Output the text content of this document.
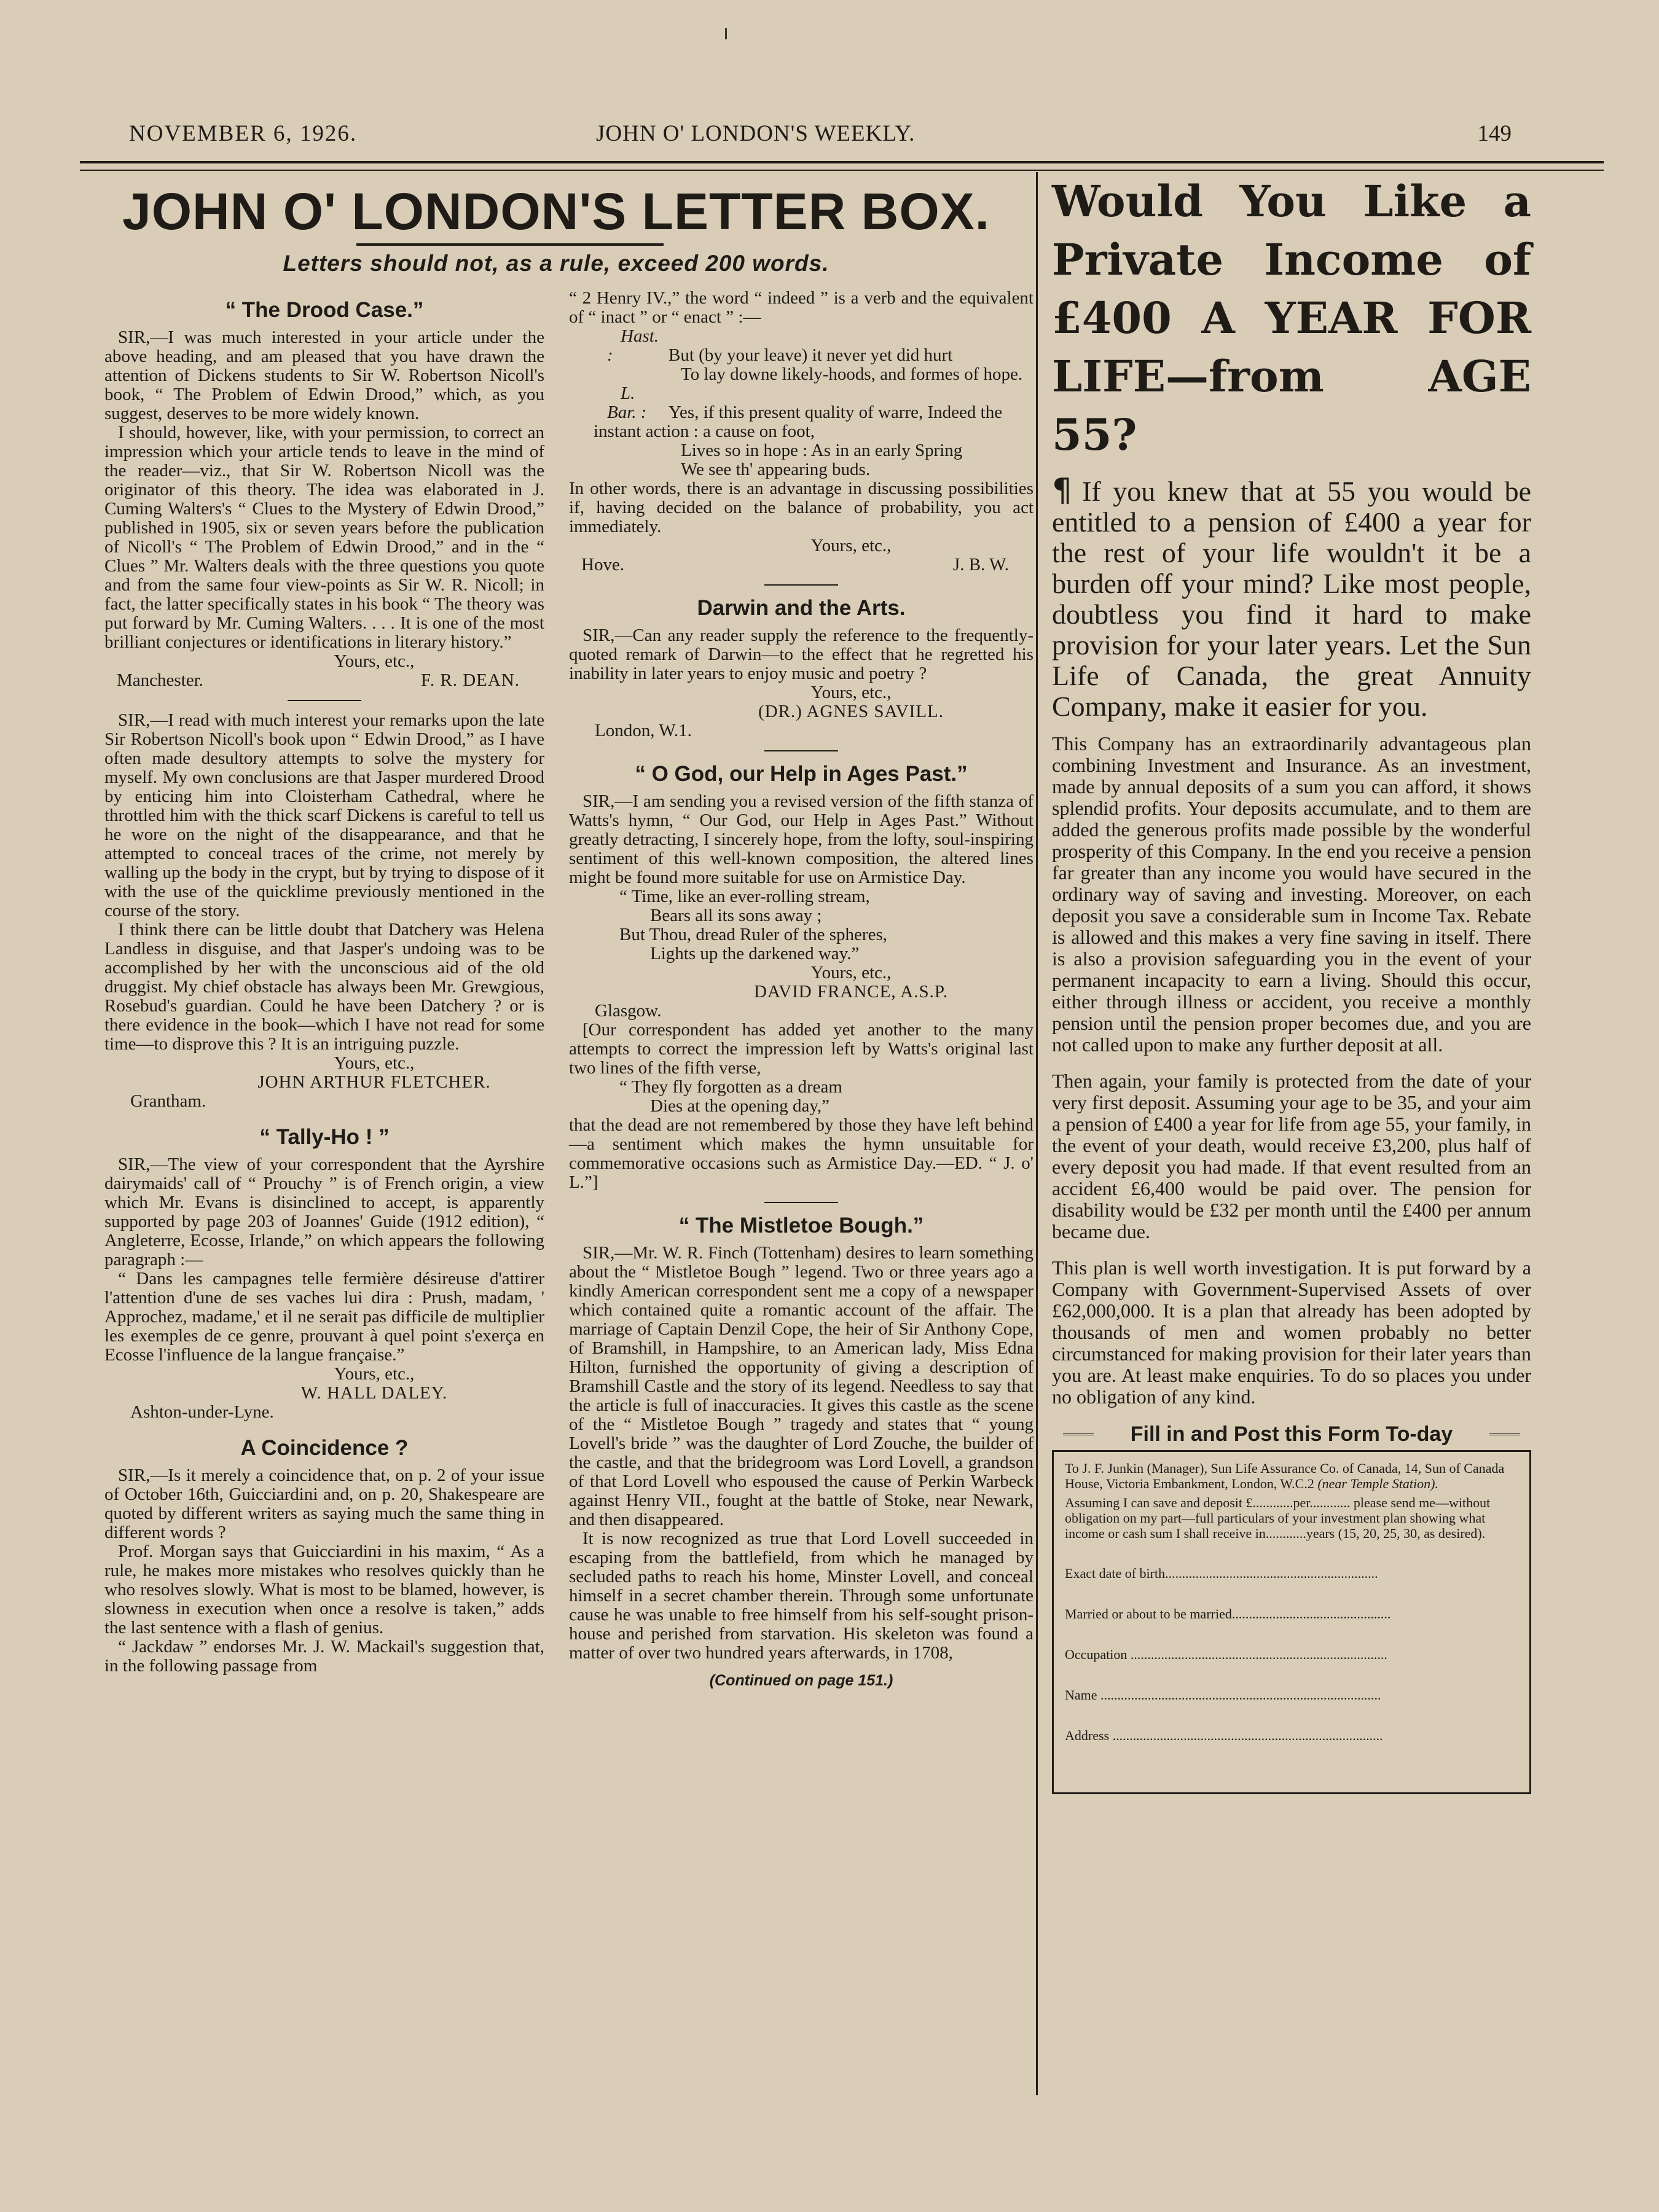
NOVEMBER 6, 1926.	JOHN O' LONDON'S WEEKLY.	149
JOHN O' LONDON'S LETTER BOX.
Letters should not, as a rule, exceed 200 words.
“ The Drood Case.”

SIR,—I was much interested in your article under the above heading, and am pleased that you have drawn the attention of Dickens students to Sir W. Robertson Nicoll's book, “ The Problem of Edwin Drood,” which, as you suggest, deserves to be more widely known.

I should, however, like, with your permission, to correct an impression which your article tends to leave in the mind of the reader—viz., that Sir W. Robertson Nicoll was the originator of this theory. The idea was elaborated in J. Cuming Walters's “ Clues to the Mystery of Edwin Drood,” published in 1905, six or seven years before the publication of Nicoll's “ The Problem of Edwin Drood,” and in the “ Clues ” Mr. Walters deals with the three questions you quote and from the same four view-points as Sir W. R. Nicoll; in fact, the latter specifically states in his book “ The theory was put forward by Mr. Cuming Walters. . . . It is one of the most brilliant conjectures or identifications in literary history.”

Yours, etc.,

Manchester.	F. R. DEAN.

SIR,—I read with much interest your remarks upon the late Sir Robertson Nicoll's book upon “ Edwin Drood,” as I have often made desultory attempts to solve the mystery for myself. My own conclusions are that Jasper murdered Drood by enticing him into Cloisterham Cathedral, where he throttled him with the thick scarf Dickens is careful to tell us he wore on the night of the disappearance, and that he attempted to conceal traces of the crime, not merely by walling up the body in the crypt, but by trying to dispose of it with the use of the quicklime previously mentioned in the course of the story.

I think there can be little doubt that Datchery was Helena Landless in disguise, and that Jasper's undoing was to be accomplished by her with the unconscious aid of the old druggist. My chief obstacle has always been Mr. Grewgious, Rosebud's guardian. Could he have been Datchery ? or is there evidence in the book—which I have not read for some time—to disprove this ? It is an intriguing puzzle.

Yours, etc.,

JOHN ARTHUR FLETCHER.

Grantham.

“ Tally-Ho ! ”

SIR,—The view of your correspondent that the Ayrshire dairymaids' call of “ Prouchy ” is of French origin, a view which Mr. Evans is disinclined to accept, is apparently supported by page 203 of Joannes' Guide (1912 edition), “ Angleterre, Ecosse, Irlande,” on which appears the following paragraph :—

“ Dans les campagnes telle fermière désireuse d'attirer l'attention d'une de ses vaches lui dira : Prush, madam, ' Approchez, madame,' et il ne serait pas difficile de multiplier les exemples de ce genre, prouvant à quel point s'exerça en Ecosse l'influence de la langue française.”

Yours, etc.,

W. HALL DALEY.

Ashton-under-Lyne.

A Coincidence ?

SIR,—Is it merely a coincidence that, on p. 2 of your issue of October 16th, Guicciardini and, on p. 20, Shakespeare are quoted by different writers as saying much the same thing in different words ?

Prof. Morgan says that Guicciardini in his maxim, “ As a rule, he makes more mistakes who resolves quickly than he who resolves slowly. What is most to be blamed, however, is slowness in execution when once a resolve is taken,” adds the last sentence with a flash of genius.

“ Jackdaw ” endorses Mr. J. W. Mackail's suggestion that, in the following passage from

“ 2 Henry IV.,” the word “ indeed ” is a verb and the equivalent of “ inact ” or “ enact ” :—

Hast. :	But (by your leave) it never yet did hurt

To lay downe likely-hoods, and formes of hope.

L. Bar. : Yes, if this present quality of warre, Indeed the instant action : a cause on foot,

Lives so in hope : As in an early Spring

We see th' appearing buds.

In other words, there is an advantage in discussing possibilities if, having decided on the balance of probability, you act immediately.

Yours, etc.,

Hove.	J. B. W.

Darwin and the Arts.

SIR,—Can any reader supply the reference to the frequently-quoted remark of Darwin—to the effect that he regretted his inability in later years to enjoy music and poetry ?

Yours, etc.,

(DR.) AGNES SAVILL.

London, W.1.

“ O God, our Help in Ages Past.”

SIR,—I am sending you a revised version of the fifth stanza of Watts's hymn, “ Our God, our Help in Ages Past.” Without greatly detracting, I sincerely hope, from the lofty, soul-inspiring sentiment of this well-known composition, the altered lines might be found more suitable for use on Armistice Day.

“ Time, like an ever-rolling stream,

Bears all its sons away ;

But Thou, dread Ruler of the spheres,

Lights up the darkened way.”

Yours, etc.,

DAVID FRANCE, A.S.P.

Glasgow.

[Our correspondent has added yet another to the many attempts to correct the impression left by Watts's original last two lines of the fifth verse,

“ They fly forgotten as a dream

Dies at the opening day,”

that the dead are not remembered by those they have left behind—a sentiment which makes the hymn unsuitable for commemorative occasions such as Armistice Day.—ED. “ J. o' L.”]

“ The Mistletoe Bough.”

SIR,—Mr. W. R. Finch (Tottenham) desires to learn something about the “ Mistletoe Bough ” legend. Two or three years ago a kindly American correspondent sent me a copy of a newspaper which contained quite a romantic account of the affair. The marriage of Captain Denzil Cope, the heir of Sir Anthony Cope, of Bramshill, in Hampshire, to an American lady, Miss Edna Hilton, furnished the opportunity of giving a description of Bramshill Castle and the story of its legend. Needless to say that the article is full of inaccuracies. It gives this castle as the scene of the “ Mistletoe Bough ” tragedy and states that “ young Lovell's bride ” was the daughter of Lord Zouche, the builder of the castle, and that the bridegroom was Lord Lovell, a grandson of that Lord Lovell who espoused the cause of Perkin Warbeck against Henry VII., fought at the battle of Stoke, near Newark, and then disappeared.

It is now recognized as true that Lord Lovell succeeded in escaping from the battlefield, from which he managed by secluded paths to reach his home, Minster Lovell, and conceal himself in a secret chamber therein. Through some unfortunate cause he was unable to free himself from his self-sought prison-house and perished from starvation. His skeleton was found a matter of over two hundred years afterwards, in 1708,

(Continued on page 151.)

Would You Like a Private Income of £400 A YEAR FOR LIFE—from AGE 55?

¶ If you knew that at 55 you would be entitled to a pension of £400 a year for the rest of your life wouldn't it be a burden off your mind? Like most people, doubtless you find it hard to make provision for your later years. Let the Sun Life of Canada, the great Annuity Company, make it easier for you.

This Company has an extraordinarily advantageous plan combining Investment and Insurance. As an investment, made by annual deposits of a sum you can afford, it shows splendid profits. Your deposits accumulate, and to them are added the generous profits made possible by the wonderful prosperity of this Company. In the end you receive a pension far greater than any income you would have secured in the ordinary way of saving and investing. Moreover, on each deposit you save a considerable sum in Income Tax. Rebate is allowed and this makes a very fine saving in itself. There is also a provision safeguarding you in the event of your permanent incapacity to earn a living. Should this occur, either through illness or accident, you receive a monthly pension until the pension proper becomes due, and you are not called upon to make any further deposit at all.

Then again, your family is protected from the date of your very first deposit. Assuming your age to be 35, and your aim a pension of £400 a year for life from age 55, your family, in the event of your death, would receive £3,200, plus half of every deposit you had made. If that event resulted from an accident £6,400 would be paid over. The pension for disability would be £32 per month until the £400 per annum became due.

This plan is well worth investigation. It is put forward by a Company with Government-Supervised Assets of over £62,000,000. It is a plan that already has been adopted by thousands of men and women probably no better circumstanced for making provision for their later years than you are. At least make enquiries. To do so places you under no obligation of any kind.

Fill in and Post this Form To-day

To J. F. Junkin (Manager), Sun Life Assurance Co. of Canada, 14, Sun of Canada House, Victoria Embankment, London, W.C.2 (near Temple Station).

Assuming I can save and deposit £............per............ please send me—without obligation on my part—full particulars of your investment plan showing what income or cash sum I shall receive in............years (15, 20, 25, 30, as desired).

Exact date of birth...............................................................

Married or about to be married...............................................

Occupation ............................................................................

Name ...................................................................................

Address ................................................................................
